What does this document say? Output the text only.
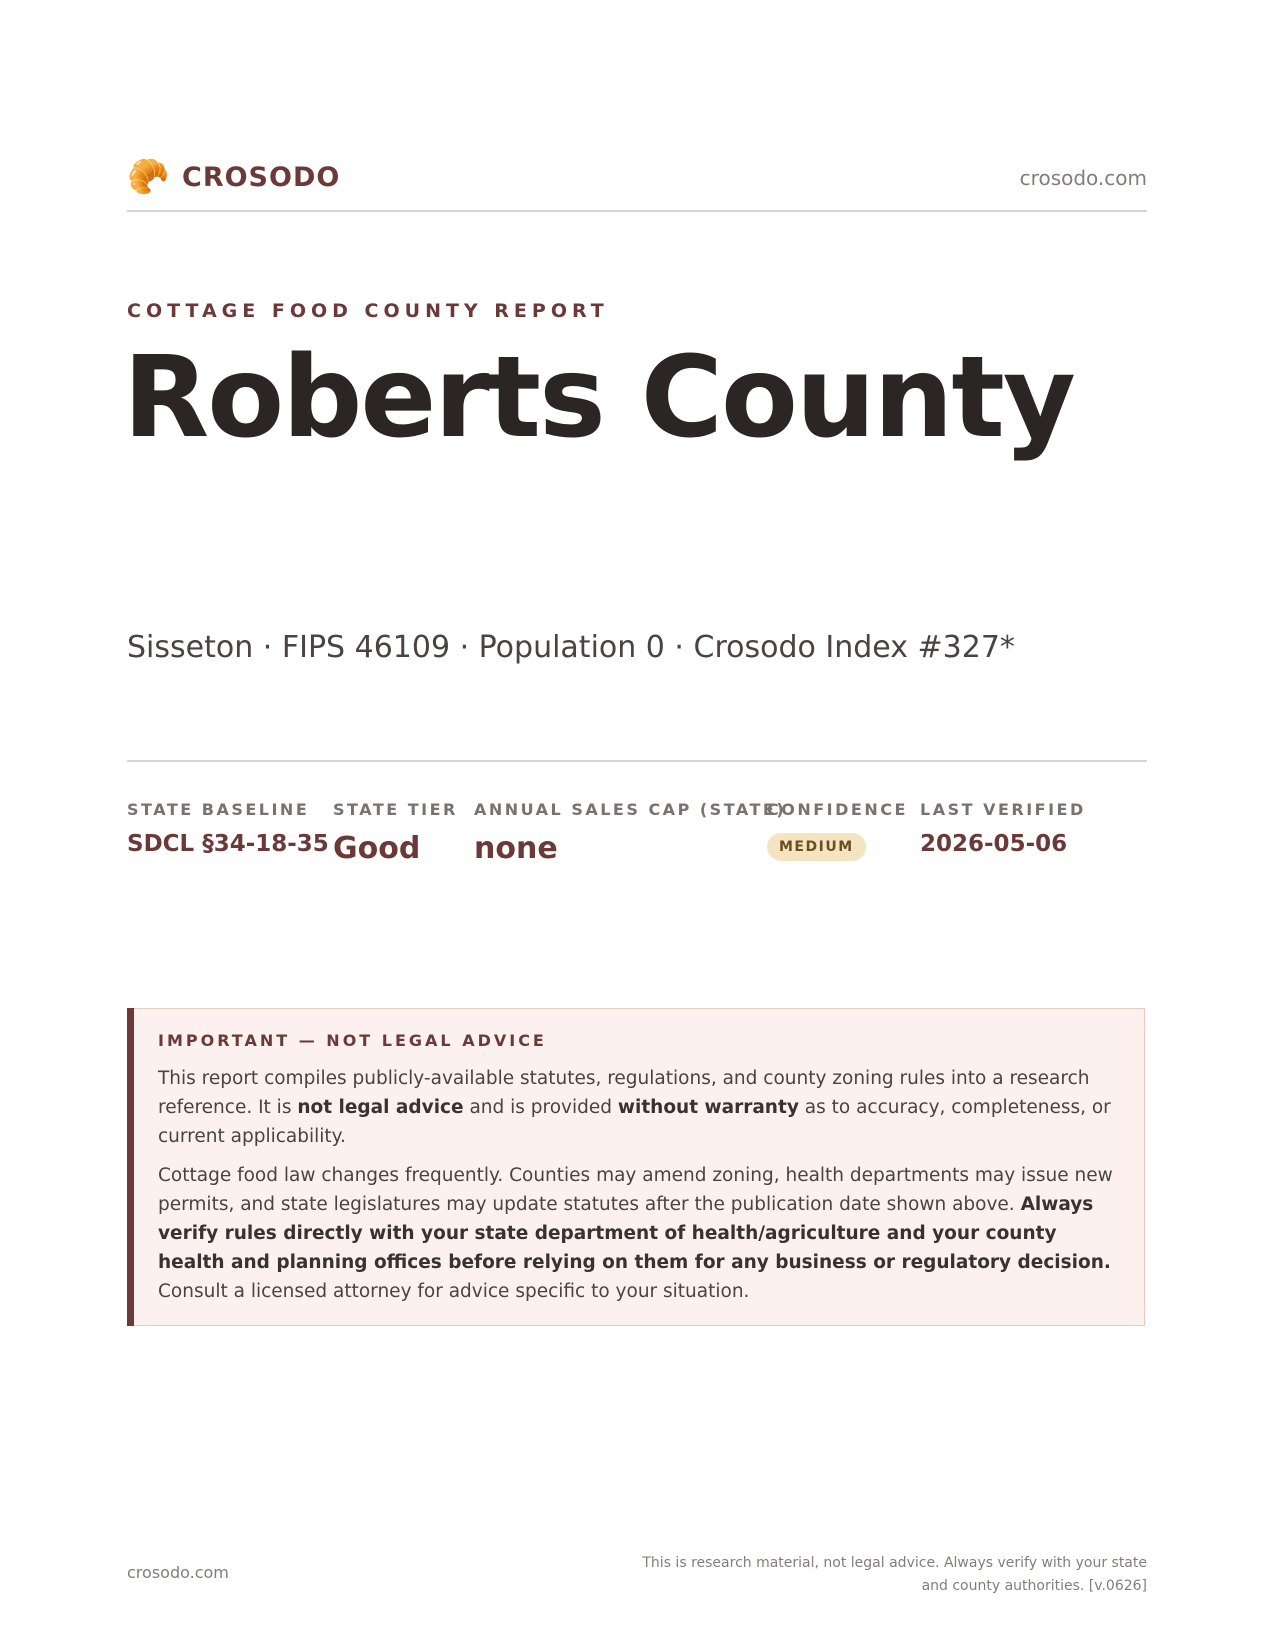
🥐 CROSODO	crosodo.com
COTTAGE FOOD COUNTY REPORT
Roberts County
Sisseton · FIPS 46109 · Population 0 · Crosodo Index #327*
STATE BASELINE
SDCL §34-18-35
STATE TIER
Good
ANNUAL SALES CAP (STATE)
none
CONFIDENCE
MEDIUM
LAST VERIFIED
2026-05-06
IMPORTANT — NOT LEGAL ADVICE

This report compiles publicly-available statutes, regulations, and county zoning rules into a research reference. It is not legal advice and is provided without warranty as to accuracy, completeness, or current applicability.

Cottage food law changes frequently. Counties may amend zoning, health departments may issue new permits, and state legislatures may update statutes after the publication date shown above. Always verify rules directly with your state department of health/agriculture and your county health and planning offices before relying on them for any business or regulatory decision. Consult a licensed attorney for advice specific to your situation.

crosodo.com	This is research material, not legal advice. Always verify with your state
and county authorities. [v.0626]
